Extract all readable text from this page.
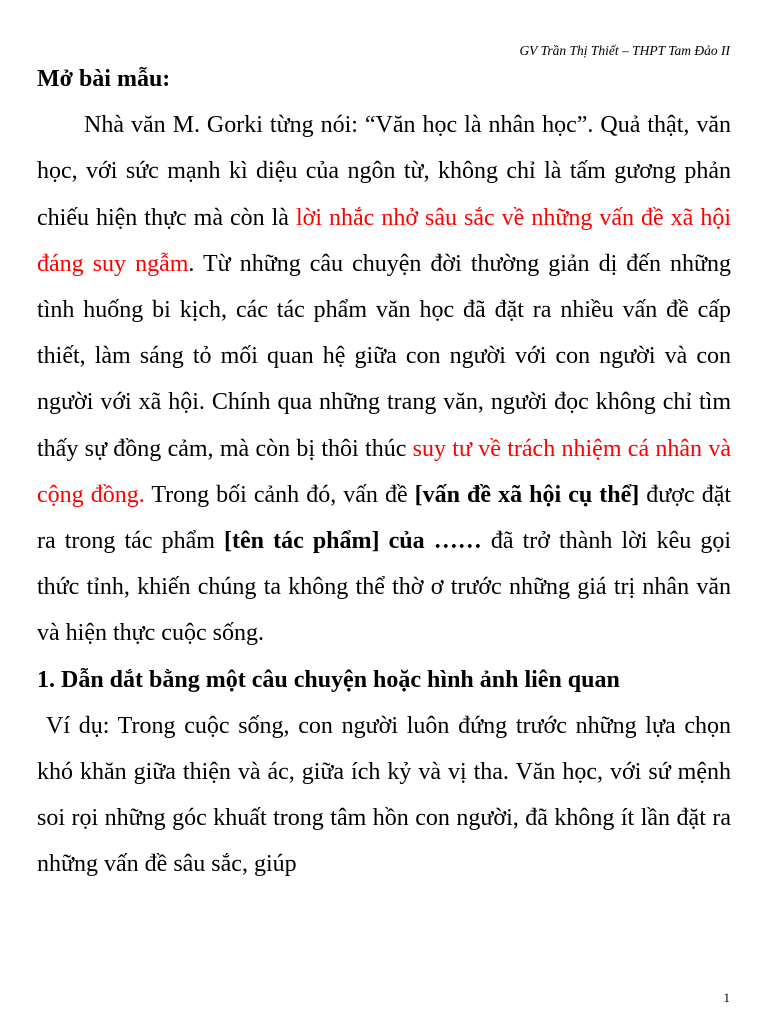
GV Trần Thị Thiết – THPT Tam Đảo II

Mở bài mẫu:

Nhà văn M. Gorki từng nói: “Văn học là nhân học”. Quả thật, văn học, với sức mạnh kì diệu của ngôn từ, không chỉ là tấm gương phản chiếu hiện thực mà còn là lời nhắc nhở sâu sắc về những vấn đề xã hội đáng suy ngẫm. Từ những câu chuyện đời thường giản dị đến những tình huống bi kịch, các tác phẩm văn học đã đặt ra nhiều vấn đề cấp thiết, làm sáng tỏ mối quan hệ giữa con người với con người và con người với xã hội. Chính qua những trang văn, người đọc không chỉ tìm thấy sự đồng cảm, mà còn bị thôi thúc suy tư về trách nhiệm cá nhân và cộng đồng. Trong bối cảnh đó, vấn đề [vấn đề xã hội cụ thể] được đặt ra trong tác phẩm [tên tác phẩm] của …… đã trở thành lời kêu gọi thức tỉnh, khiến chúng ta không thể thờ ơ trước những giá trị nhân văn và hiện thực cuộc sống.

1. Dẫn dắt bằng một câu chuyện hoặc hình ảnh liên quan

Ví dụ: Trong cuộc sống, con người luôn đứng trước những lựa chọn khó khăn giữa thiện và ác, giữa ích kỷ và vị tha. Văn học, với sứ mệnh soi rọi những góc khuất trong tâm hồn con người, đã không ít lần đặt ra những vấn đề sâu sắc, giúp

1
